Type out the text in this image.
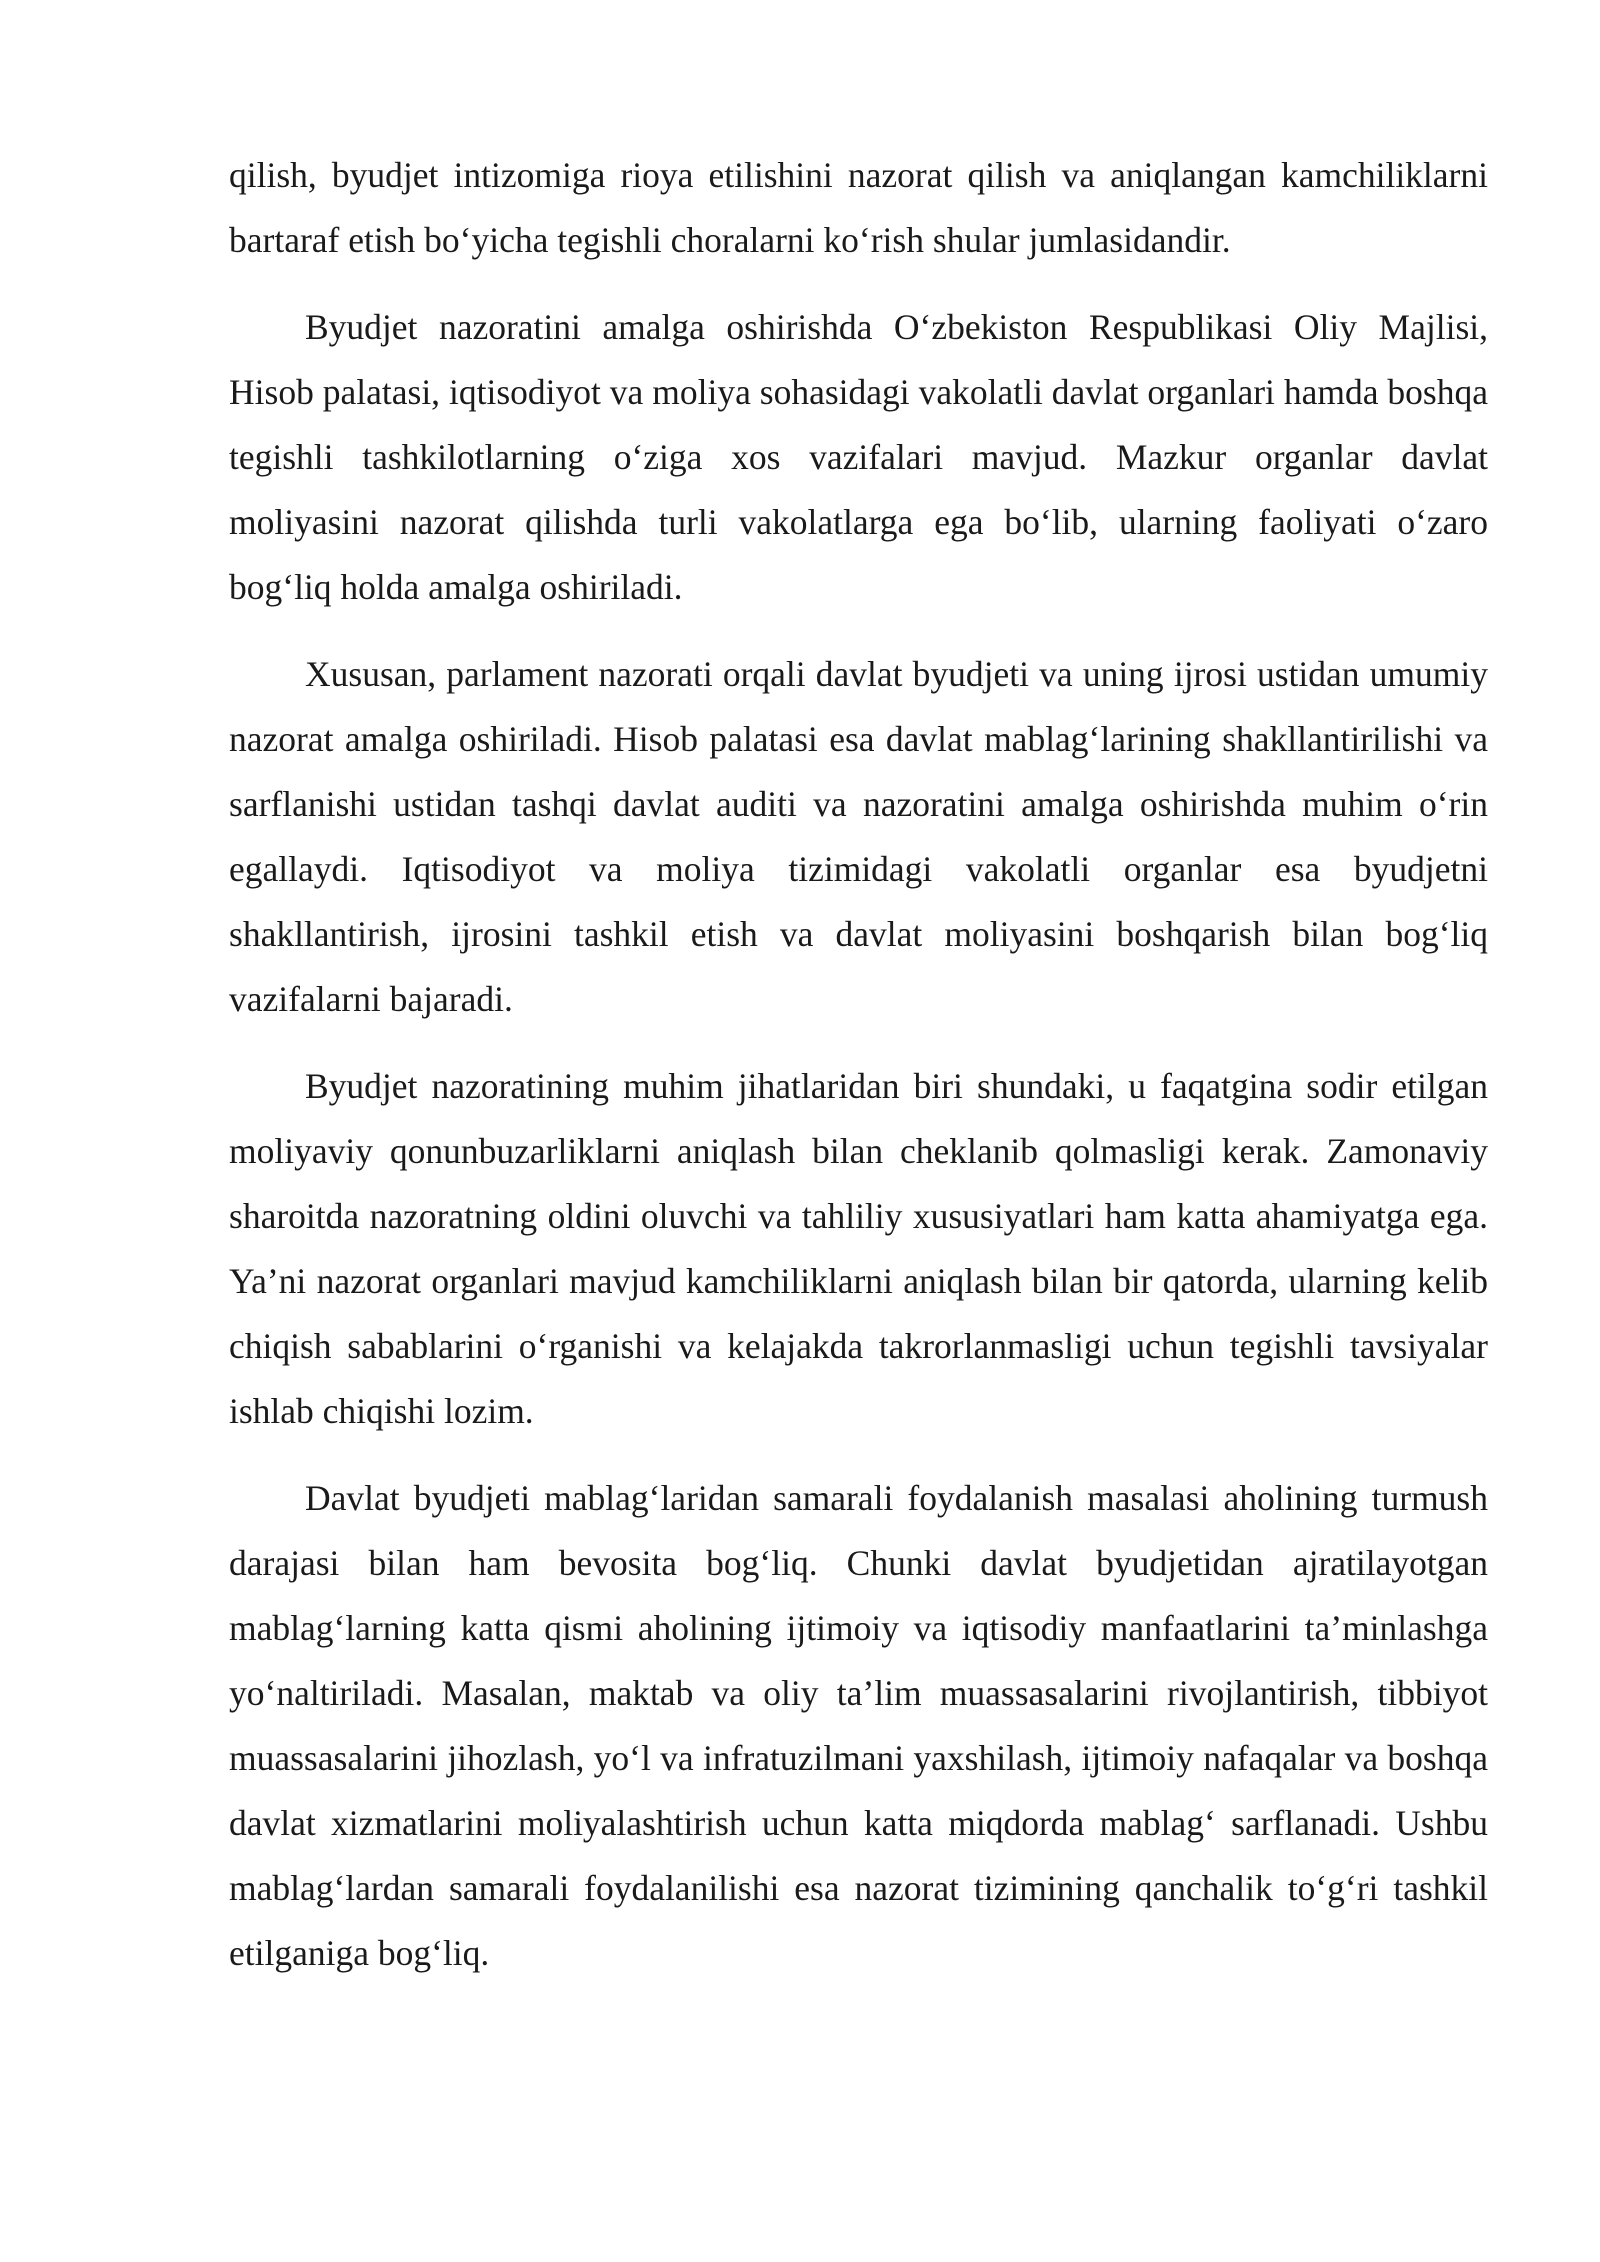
qilish, byudjet intizomiga rioya etilishini nazorat qilish va aniqlangan kamchiliklarni bartaraf etish bo‘yicha tegishli choralarni ko‘rish shular jumlasidandir.

Byudjet nazoratini amalga oshirishda O‘zbekiston Respublikasi Oliy Majlisi, Hisob palatasi, iqtisodiyot va moliya sohasidagi vakolatli davlat organlari hamda boshqa tegishli tashkilotlarning o‘ziga xos vazifalari mavjud. Mazkur organlar davlat moliyasini nazorat qilishda turli vakolatlarga ega bo‘lib, ularning faoliyati o‘zaro bog‘liq holda amalga oshiriladi.

Xususan, parlament nazorati orqali davlat byudjeti va uning ijrosi ustidan umumiy nazorat amalga oshiriladi. Hisob palatasi esa davlat mablag‘larining shakllantirilishi va sarflanishi ustidan tashqi davlat auditi va nazoratini amalga oshirishda muhim o‘rin egallaydi. Iqtisodiyot va moliya tizimidagi vakolatli organlar esa byudjetni shakllantirish, ijrosini tashkil etish va davlat moliyasini boshqarish bilan bog‘liq vazifalarni bajaradi.

Byudjet nazoratining muhim jihatlaridan biri shundaki, u faqatgina sodir etilgan moliyaviy qonunbuzarliklarni aniqlash bilan cheklanib qolmasligi kerak. Zamonaviy sharoitda nazoratning oldini oluvchi va tahliliy xususiyatlari ham katta ahamiyatga ega. Ya’ni nazorat organlari mavjud kamchiliklarni aniqlash bilan bir qatorda, ularning kelib chiqish sabablarini o‘rganishi va kelajakda takrorlanmasligi uchun tegishli tavsiyalar ishlab chiqishi lozim.

Davlat byudjeti mablag‘laridan samarali foydalanish masalasi aholining turmush darajasi bilan ham bevosita bog‘liq. Chunki davlat byudjetidan ajratilayotgan mablag‘larning katta qismi aholining ijtimoiy va iqtisodiy manfaatlarini ta’minlashga yo‘naltiriladi. Masalan, maktab va oliy ta’lim muassasalarini rivojlantirish, tibbiyot muassasalarini jihozlash, yo‘l va infratuzilmani yaxshilash, ijtimoiy nafaqalar va boshqa davlat xizmatlarini moliyalashtirish uchun katta miqdorda mablag‘ sarflanadi. Ushbu mablag‘lardan samarali foydalanilishi esa nazorat tizimining qanchalik to‘g‘ri tashkil etilganiga bog‘liq.
